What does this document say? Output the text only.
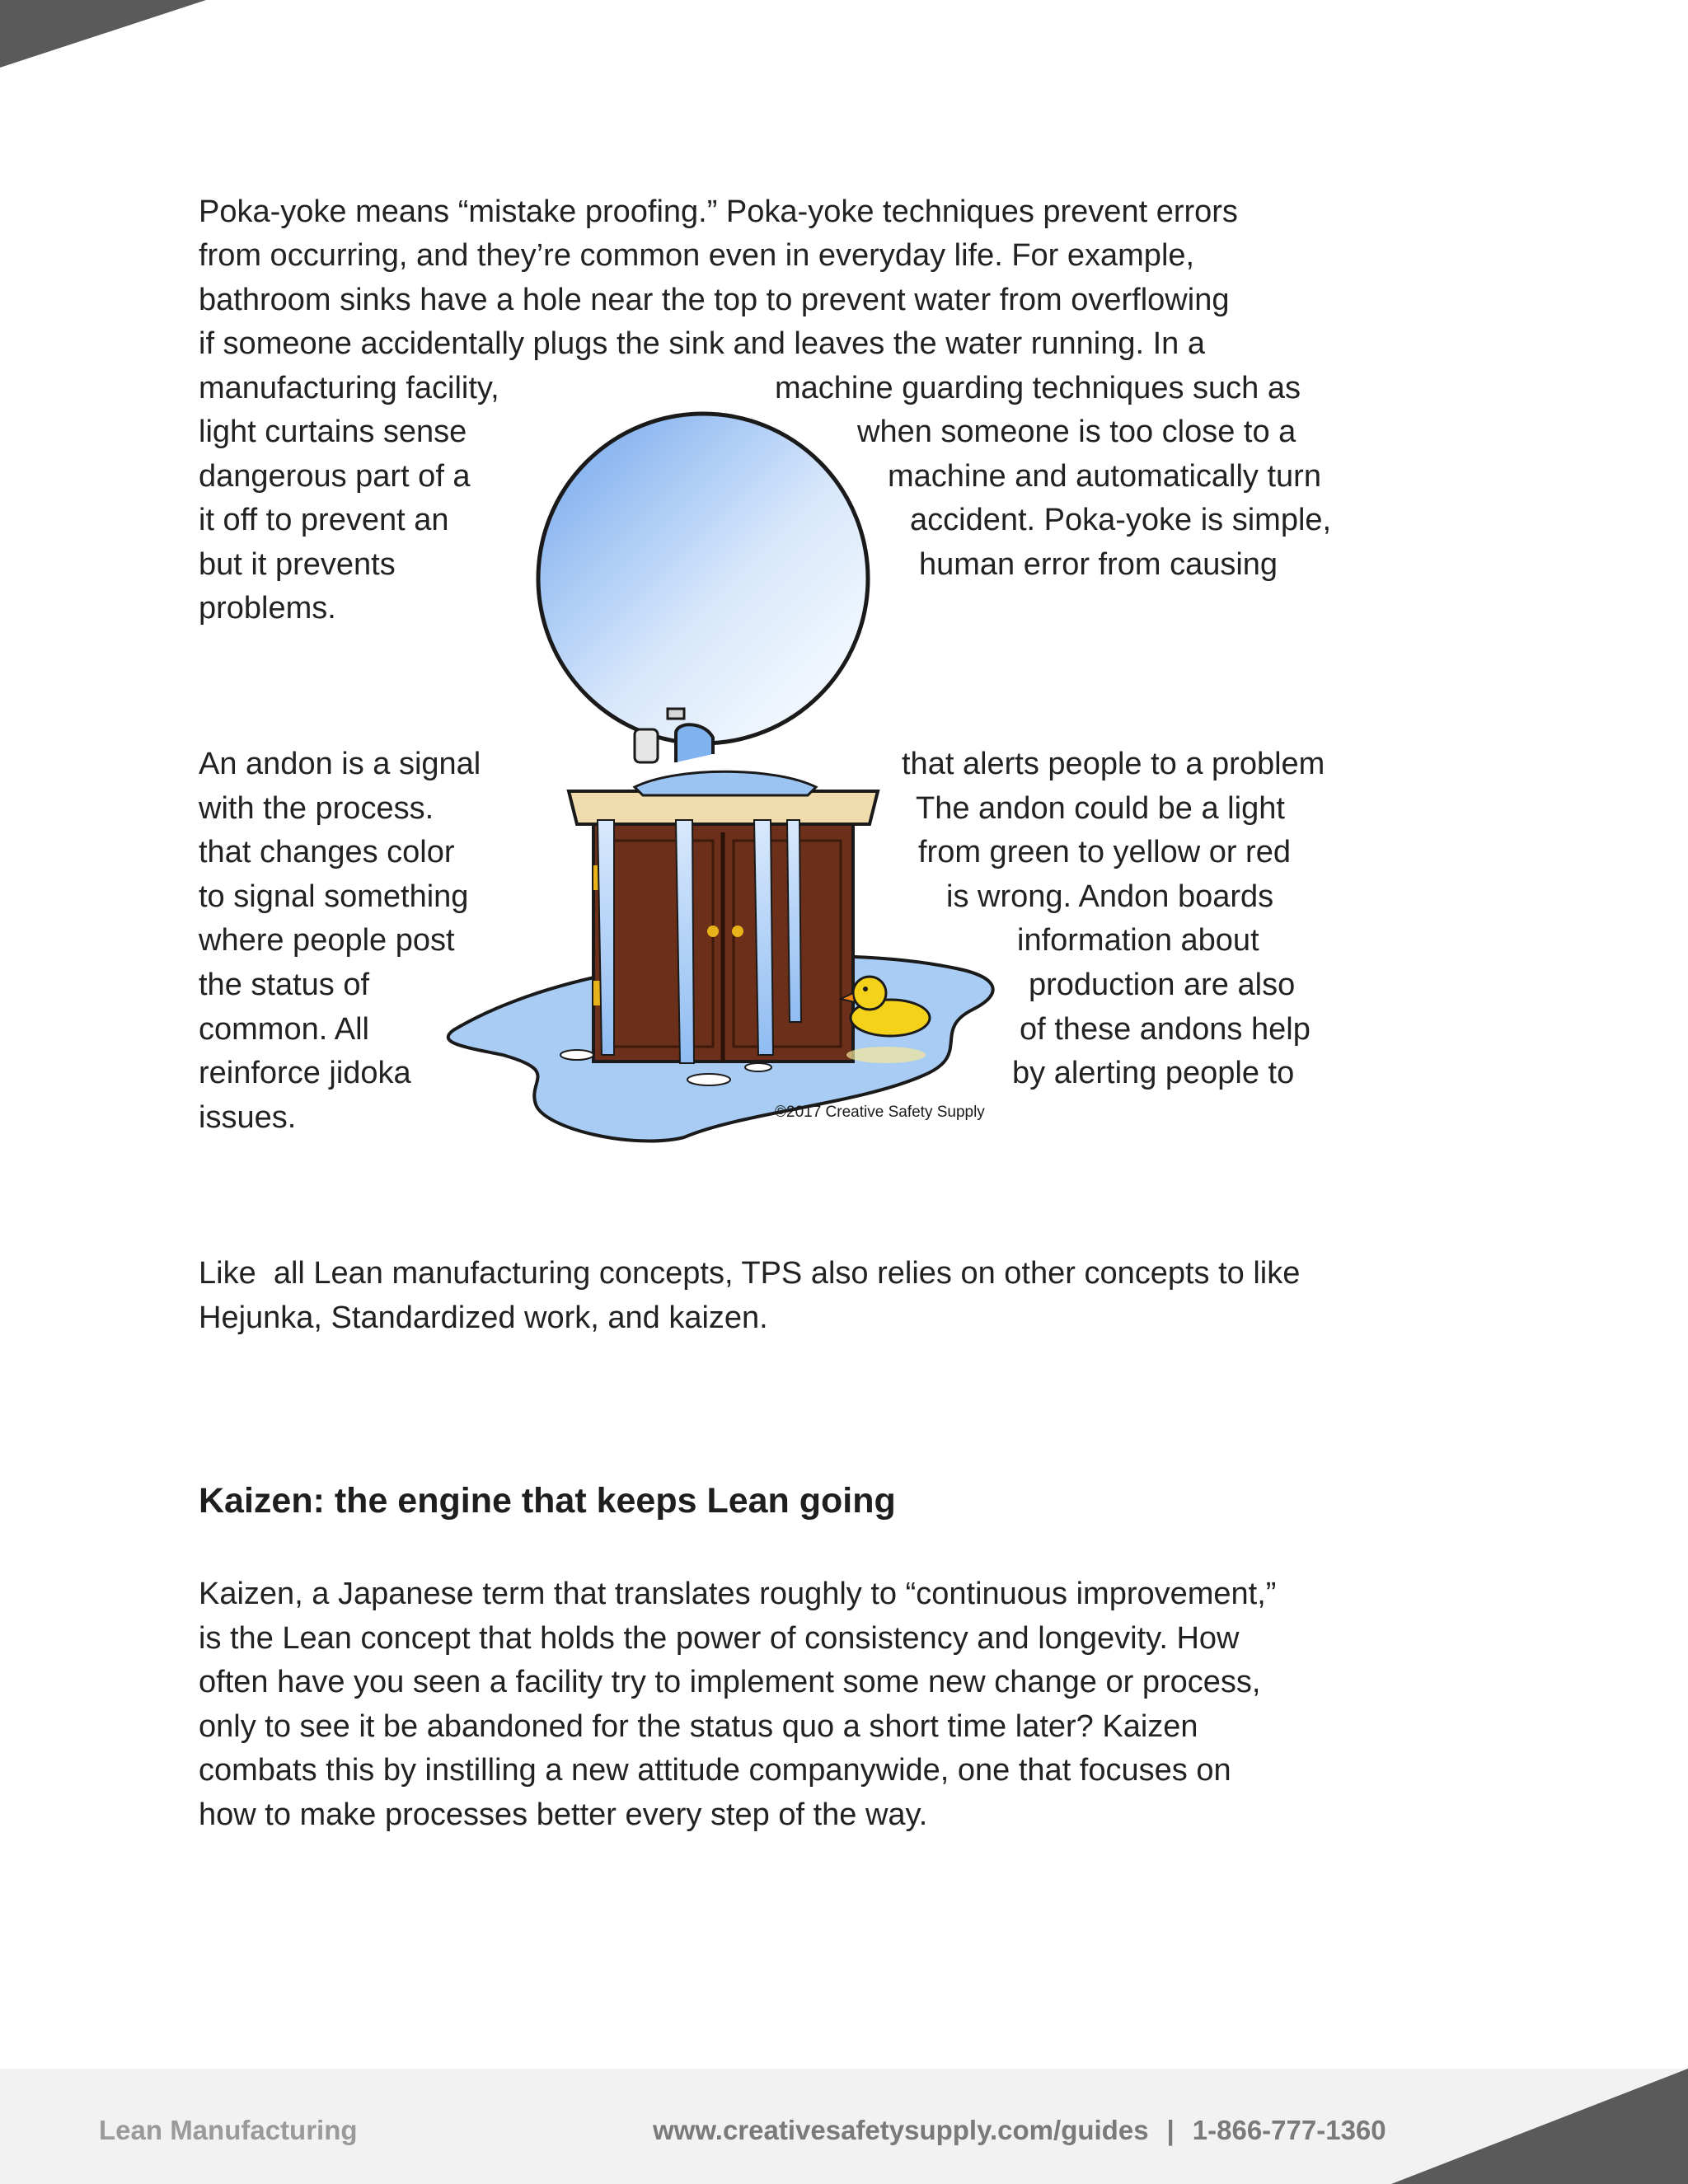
Poka-yoke means “mistake proofing.” Poka-yoke techniques prevent errors
from occurring, and they’re common even in everyday life. For example,
bathroom sinks have a hole near the top to prevent water from overflowing
if someone accidentally plugs the sink and leaves the water running. In a
manufacturing facility,	machine guarding techniques such as
light curtains sense	when someone is too close to a
dangerous part of a	machine and automatically turn
it off to prevent an	accident. Poka-yoke is simple,
but it prevents	human error from causing
problems.
An andon is a signal	that alerts people to a problem
with the process.	The andon could be a light
that changes color	from green to yellow or red
to signal something	is wrong. Andon boards
where people post	information about
the status of	production are also
common. All	of these andons help
reinforce jidoka	by alerting people to
issues.	©2017 Creative Safety Supply
Like  all Lean manufacturing concepts, TPS also relies on other concepts to like
Hejunka, Standardized work, and kaizen.
Kaizen: the engine that keeps Lean going
Kaizen, a Japanese term that translates roughly to “continuous improvement,”
is the Lean concept that holds the power of consistency and longevity. How
often have you seen a facility try to implement some new change or process,
only to see it be abandoned for the status quo a short time later? Kaizen
combats this by instilling a new attitude companywide, one that focuses on
how to make processes better every step of the way.
Lean Manufacturing	www.creativesafetysupply.com/guides | 1-866-777-1360
